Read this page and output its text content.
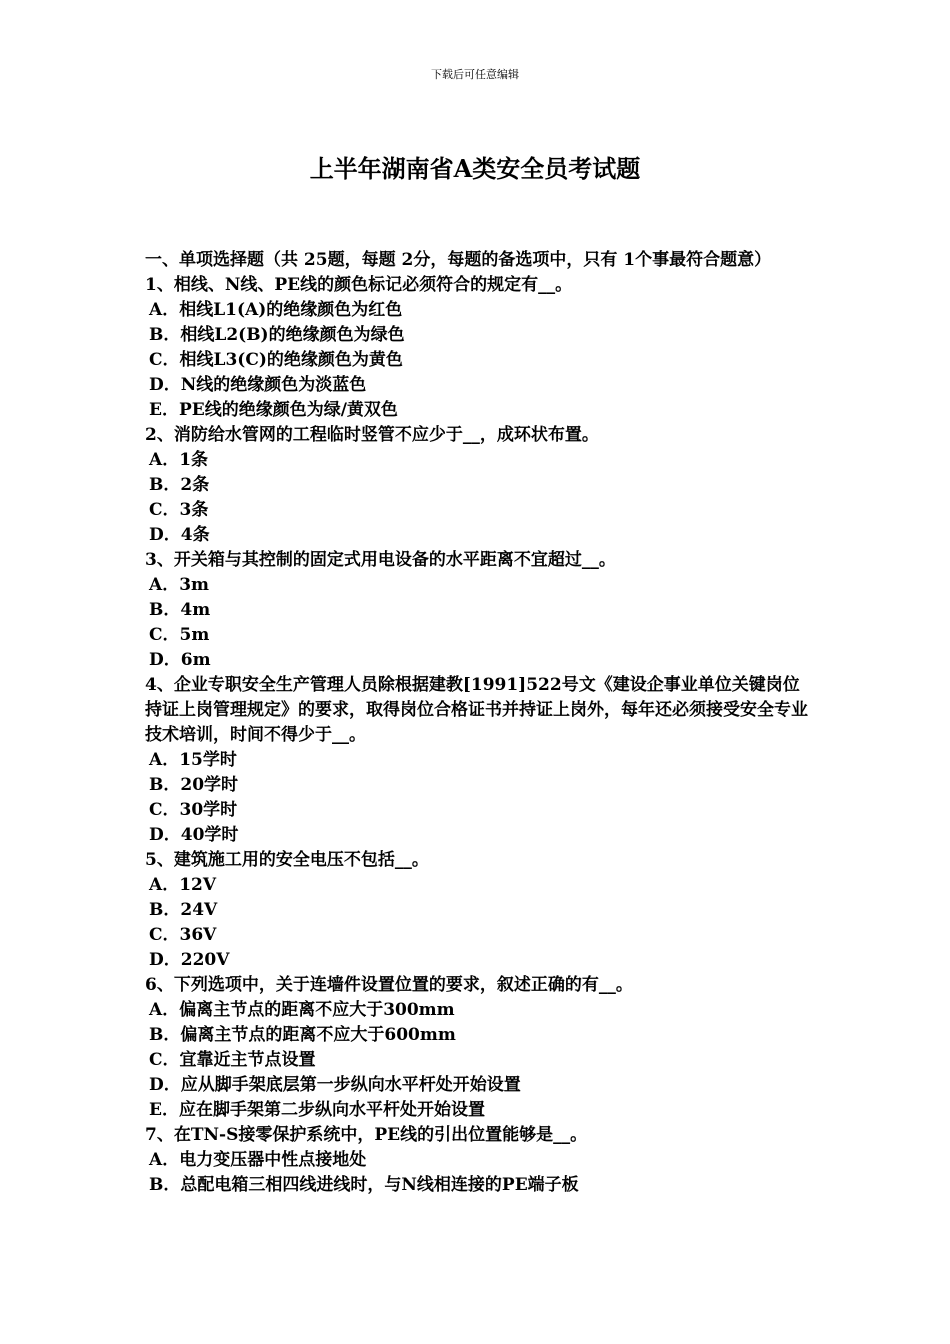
下载后可任意编辑
上半年湖南省A类安全员考试题

一、单项选择题（共 25题，每题 2分，每题的备选项中，只有 1个事最符合题意）

1、相线、N线、PE线的颜色标记必须符合的规定有__。

A．相线L1(A)的绝缘颜色为红色
B．相线L2(B)的绝缘颜色为绿色
C．相线L3(C)的绝缘颜色为黄色
D．N线的绝缘颜色为淡蓝色
E．PE线的绝缘颜色为绿/黄双色

2、消防给水管网的工程临时竖管不应少于__，成环状布置。

A．1条
B．2条
C．3条
D．4条

3、开关箱与其控制的固定式用电设备的水平距离不宜超过__。

A．3m
B．4m
C．5m
D．6m

4、企业专职安全生产管理人员除根据建教[1991]522号文《建设企事业单位关键岗位持证上岗管理规定》的要求，取得岗位合格证书并持证上岗外，每年还必须接受安全专业技术培训，时间不得少于__。

A．15学时
B．20学时
C．30学时
D．40学时

5、建筑施工用的安全电压不包括__。

A．12V
B．24V
C．36V
D．220V

6、下列选项中，关于连墙件设置位置的要求，叙述正确的有__。

A．偏离主节点的距离不应大于300mm
B．偏离主节点的距离不应大于600mm
C．宜靠近主节点设置
D．应从脚手架底层第一步纵向水平杆处开始设置
E．应在脚手架第二步纵向水平杆处开始设置

7、在TN-S接零保护系统中，PE线的引出位置能够是__。

A．电力变压器中性点接地处
B．总配电箱三相四线进线时，与N线相连接的PE端子板
